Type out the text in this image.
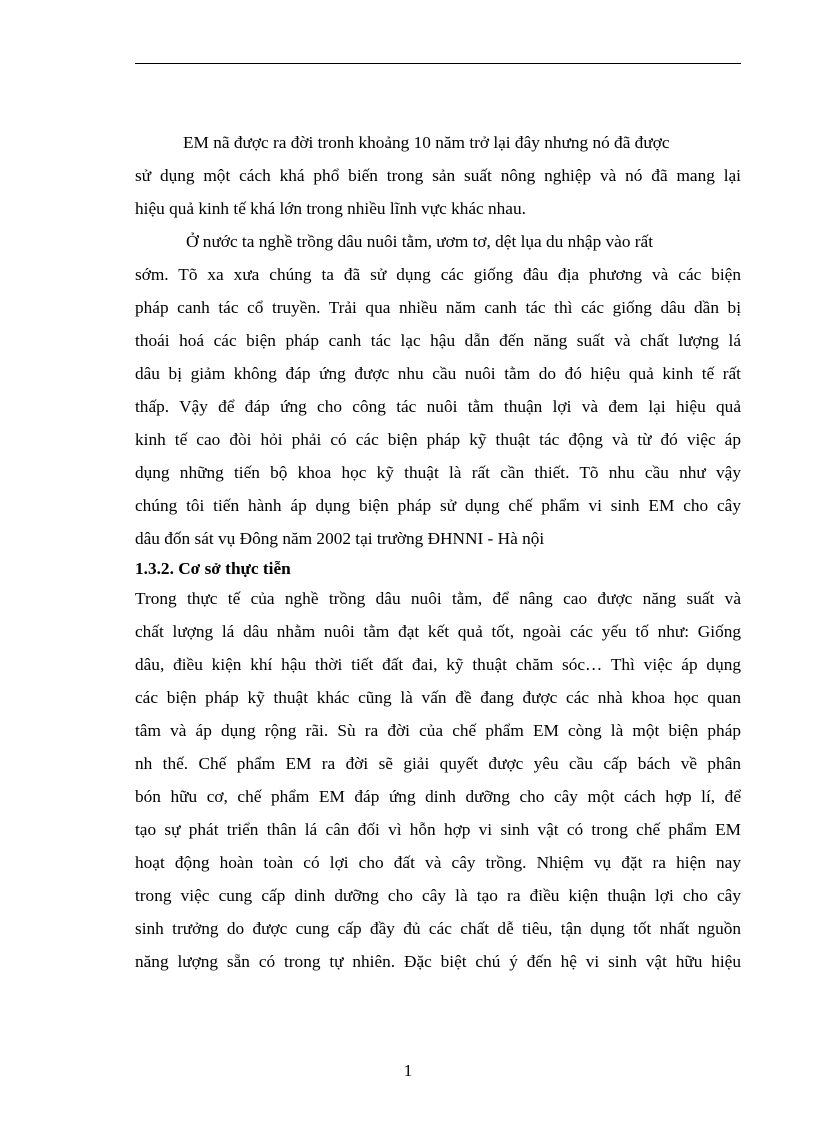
EM nã được ra đời tronh khoảng 10 năm trở lại đây nhưng nó đã được
sử dụng một cách khá phổ biến trong sản suất nông nghiệp và nó đã mang lại
hiệu quả kinh tế khá lớn trong nhiều lĩnh vực khác nhau.
Ở nước ta nghề trồng dâu nuôi tằm, ươm tơ, dệt lụa du nhập vào rất
sớm. Tõ xa xưa chúng ta đã sử dụng các giống đâu địa phương và các biện
pháp canh tác cổ truyền. Trải qua nhiều năm canh tác thì các giống dâu dần bị
thoái hoá các biện pháp canh tác lạc hậu dẫn đến năng suất và chất lượng lá
dâu bị giảm không đáp ứng được nhu cầu nuôi tằm do đó hiệu quả kinh tế rất
thấp. Vậy để đáp ứng cho công tác nuôi tằm thuận lợi và đem lại hiệu quả
kinh tế cao đòi hỏi phải có các biện pháp kỹ thuật tác động và từ đó việc áp
dụng những tiến bộ khoa học kỹ thuật là rất cần thiết. Tõ nhu cầu như vậy
chúng tôi tiến hành áp dụng biện pháp sử dụng chế phẩm vi sinh EM cho cây
dâu đốn sát vụ Đông năm 2002 tại trường ĐHNNI - Hà nội
1.3.2. Cơ sở thực tiễn
Trong thực tế của nghề trồng dâu nuôi tằm, để nâng cao được năng suất và
chất lượng lá dâu nhằm nuôi tằm đạt kết quả tốt, ngoài các yếu tố như: Giống
dâu, điều kiện khí hậu thời tiết đất đai, kỹ thuật chăm sóc… Thì việc áp dụng
các biện pháp kỹ thuật khác cũng là vấn đề đang được các nhà khoa học quan
tâm và áp dụng rộng rãi. Sù ra đời của chế phẩm EM còng là một biện pháp
nh thế. Chế phẩm EM ra đời sẽ giải quyết được yêu cầu cấp bách về phân
bón hữu cơ, chế phẩm EM đáp ứng dinh dưỡng cho cây một cách hợp lí, để
tạo sự phát triển thân lá cân đối vì hỗn hợp vi sinh vật có trong chế phẩm EM
hoạt động hoàn toàn có lợi cho đất và cây trồng. Nhiệm vụ đặt ra hiện nay
trong việc cung cấp dinh dưỡng cho cây là tạo ra điều kiện thuận lợi cho cây
sinh trưởng do được cung cấp đầy đủ các chất dễ tiêu, tận dụng tốt nhất nguồn
năng lượng sẵn có trong tự nhiên. Đặc biệt chú ý đến hệ vi sinh vật hữu hiệu
1
